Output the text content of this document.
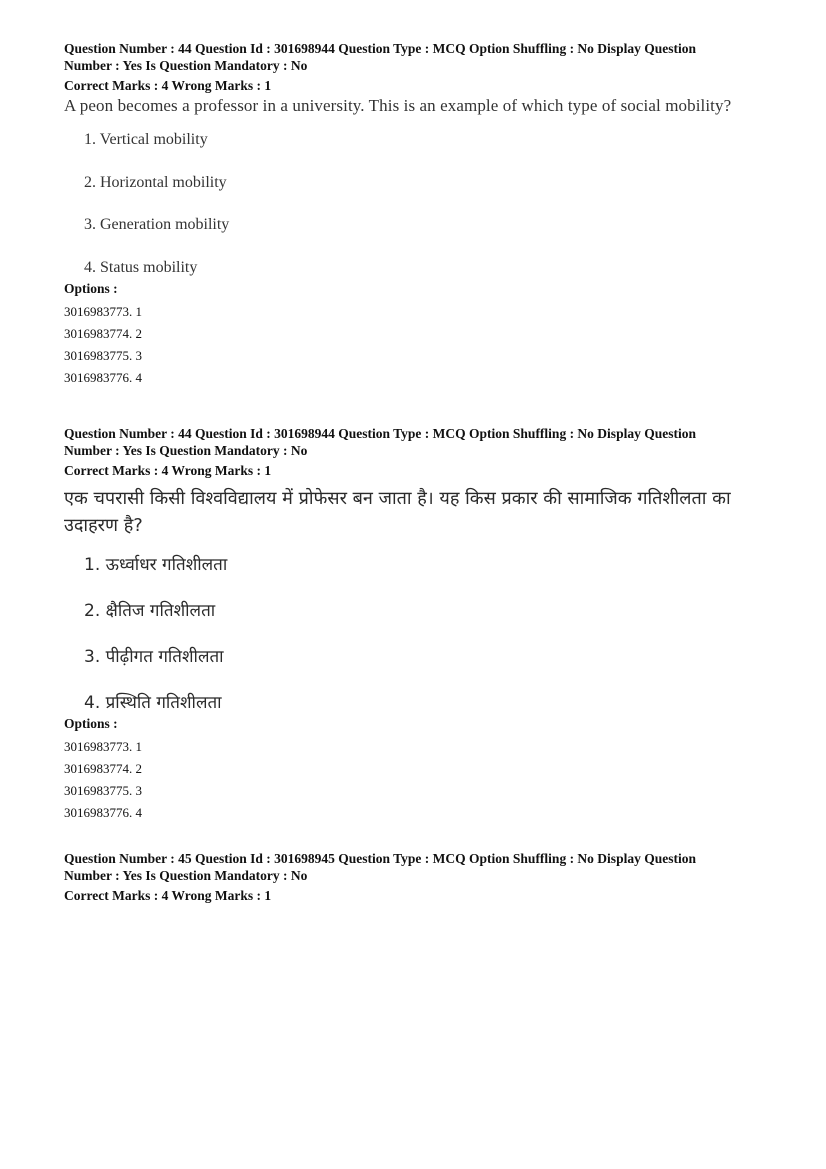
Question Number : 44 Question Id : 301698944 Question Type : MCQ Option Shuffling : No Display Question
Number : Yes Is Question Mandatory : No
Correct Marks : 4 Wrong Marks : 1
A peon becomes a professor in a university. This is an example of which type of social mobility?
1. Vertical mobility
2. Horizontal mobility
3. Generation mobility
4. Status mobility
Options :
3016983773. 1
3016983774. 2
3016983775. 3
3016983776. 4
Question Number : 44 Question Id : 301698944 Question Type : MCQ Option Shuffling : No Display Question
Number : Yes Is Question Mandatory : No
Correct Marks : 4 Wrong Marks : 1
एक चपरासी किसी विश्वविद्यालय में प्रोफेसर बन जाता है। यह किस प्रकार की सामाजिक गतिशीलता का उदाहरण है?
1. ऊर्ध्वाधर गतिशीलता
2. क्षैतिज गतिशीलता
3. पीढ़ीगत गतिशीलता
4. प्रस्थिति गतिशीलता
Options :
3016983773. 1
3016983774. 2
3016983775. 3
3016983776. 4
Question Number : 45 Question Id : 301698945 Question Type : MCQ Option Shuffling : No Display Question
Number : Yes Is Question Mandatory : No
Correct Marks : 4 Wrong Marks : 1
